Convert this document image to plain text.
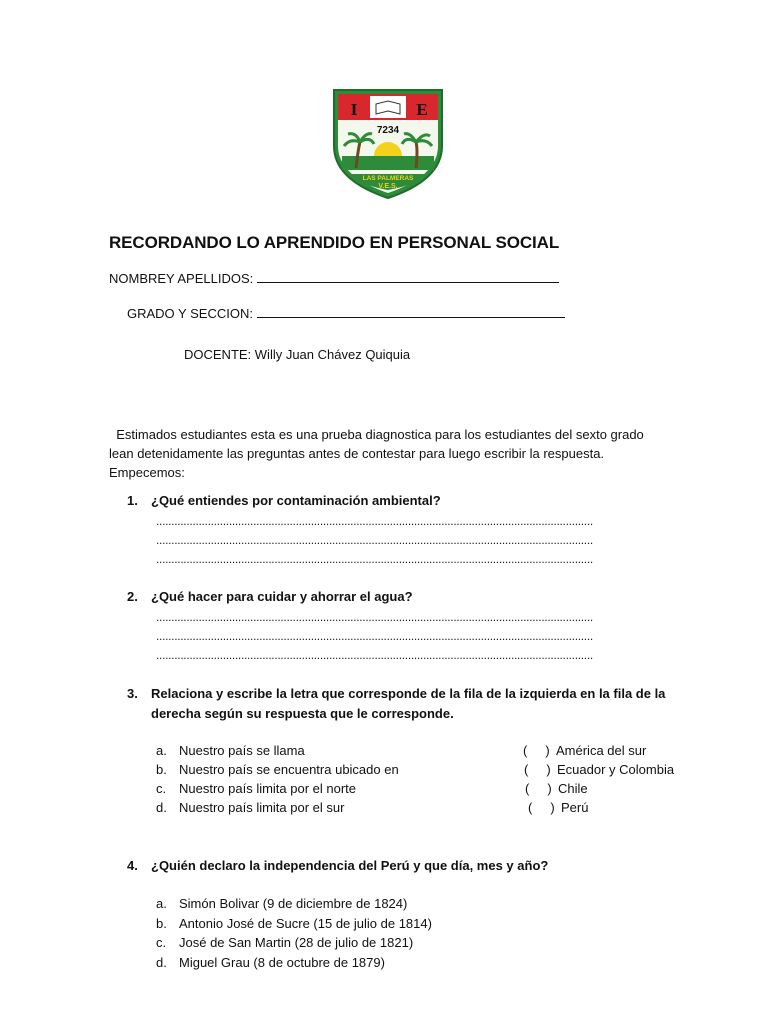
I	E
7234
LAS PALMERAS
V.E.S.
RECORDANDO LO APRENDIDO EN PERSONAL SOCIAL
NOMBREY APELLIDOS:
GRADO Y SECCION:
DOCENTE: Willy Juan Chávez Quiquia
Estimados estudiantes esta es una prueba diagnostica para los estudiantes del sexto grado
lean detenidamente las preguntas antes de contestar para luego escribir la respuesta.
Empecemos:
1. ¿Qué entiendes por contaminación ambiental?
................................................................................................................................................
................................................................................................................................................
................................................................................................................................................
2. ¿Qué hacer para cuidar y ahorrar el agua?
................................................................................................................................................
................................................................................................................................................
................................................................................................................................................
3. Relaciona y escribe la letra que corresponde de la fila de la izquierda en la fila de la
derecha según su respuesta que le corresponde.
a. Nuestro país se llama
b. Nuestro país se encuentra ubicado en
c. Nuestro país limita por el norte
d. Nuestro país limita por el sur
(     ) América del sur
(     ) Ecuador y Colombia
(     ) Chile
(     ) Perú
4. ¿Quién declaro la independencia del Perú y que día, mes y año?
a. Simón Bolivar (9 de diciembre de 1824)
b. Antonio José de Sucre (15 de julio de 1814)
c. José de San Martin (28 de julio de 1821)
d. Miguel Grau (8 de octubre de 1879)
